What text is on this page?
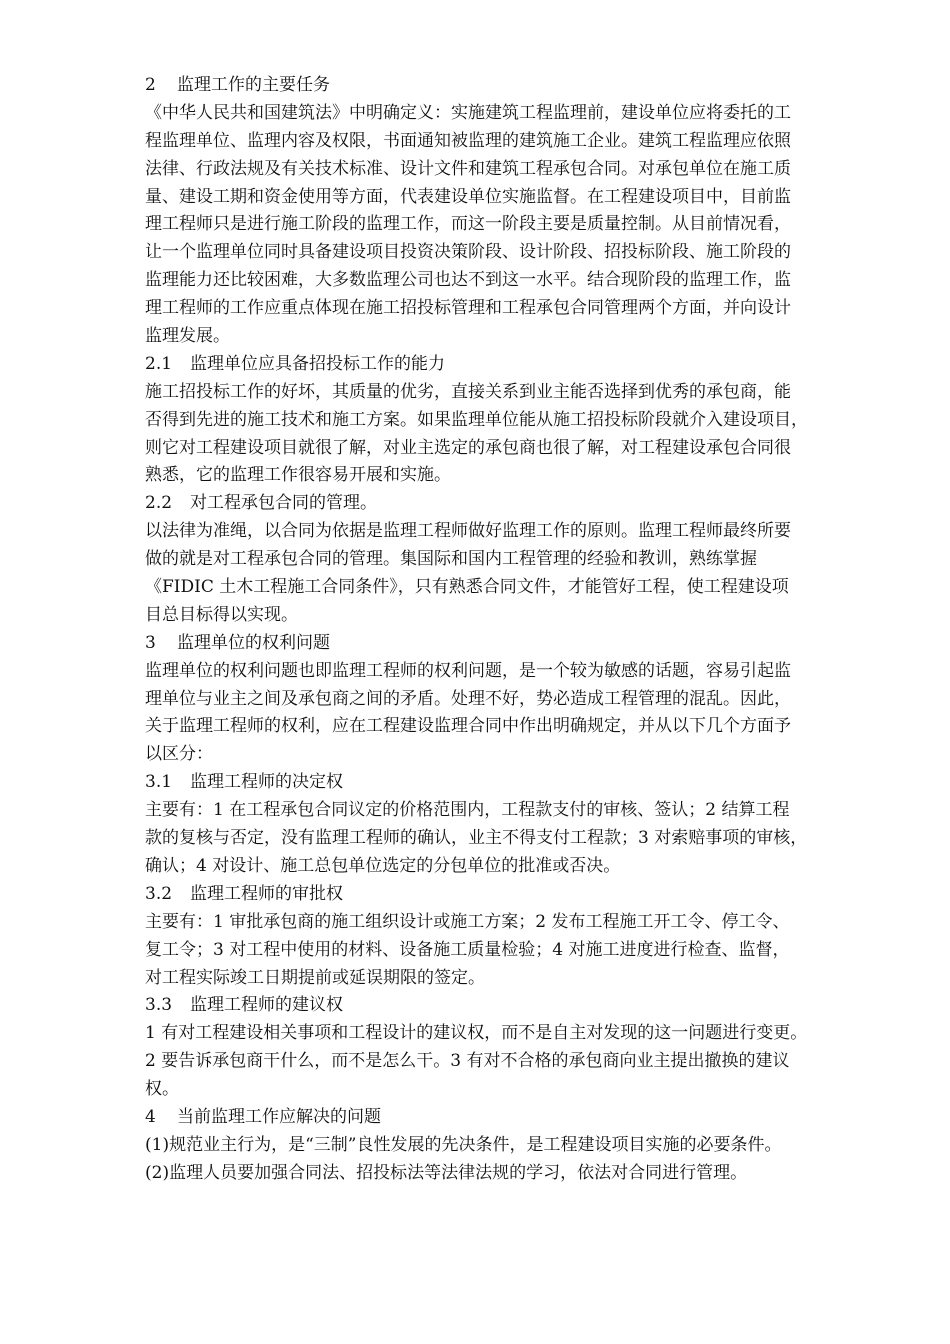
2 监理工作的主要任务
《中华人民共和国建筑法》中明确定义：实施建筑工程监理前，建设单位应将委托的工
程监理单位、监理内容及权限，书面通知被监理的建筑施工企业。建筑工程监理应依照
法律、行政法规及有关技术标准、设计文件和建筑工程承包合同。对承包单位在施工质
量、建设工期和资金使用等方面，代表建设单位实施监督。在工程建设项目中，目前监
理工程师只是进行施工阶段的监理工作，而这一阶段主要是质量控制。从目前情况看，
让一个监理单位同时具备建设项目投资决策阶段、设计阶段、招投标阶段、施工阶段的
监理能力还比较困难，大多数监理公司也达不到这一水平。结合现阶段的监理工作，监
理工程师的工作应重点体现在施工招投标管理和工程承包合同管理两个方面，并向设计
监理发展。
2.1 监理单位应具备招投标工作的能力
施工招投标工作的好坏，其质量的优劣，直接关系到业主能否选择到优秀的承包商，能
否得到先进的施工技术和施工方案。如果监理单位能从施工招投标阶段就介入建设项目，
则它对工程建设项目就很了解，对业主选定的承包商也很了解，对工程建设承包合同很
熟悉，它的监理工作很容易开展和实施。
2.2 对工程承包合同的管理。
以法律为准绳，以合同为依据是监理工程师做好监理工作的原则。监理工程师最终所要
做的就是对工程承包合同的管理。集国际和国内工程管理的经验和教训，熟练掌握
《FIDIC 土木工程施工合同条件》，只有熟悉合同文件，才能管好工程，使工程建设项
目总目标得以实现。
3 监理单位的权利问题
监理单位的权利问题也即监理工程师的权利问题，是一个较为敏感的话题，容易引起监
理单位与业主之间及承包商之间的矛盾。处理不好，势必造成工程管理的混乱。因此，
关于监理工程师的权利，应在工程建设监理合同中作出明确规定，并从以下几个方面予
以区分：
3.1 监理工程师的决定权
主要有：1 在工程承包合同议定的价格范围内，工程款支付的审核、签认；2 结算工程
款的复核与否定，没有监理工程师的确认，业主不得支付工程款；3 对索赔事项的审核，
确认；4 对设计、施工总包单位选定的分包单位的批准或否决。
3.2 监理工程师的审批权
主要有：1 审批承包商的施工组织设计或施工方案；2 发布工程施工开工令、停工令、
复工令；3 对工程中使用的材料、设备施工质量检验；4 对施工进度进行检查、监督，
对工程实际竣工日期提前或延误期限的签定。
3.3 监理工程师的建议权
1 有对工程建设相关事项和工程设计的建议权，而不是自主对发现的这一问题进行变更。
2 要告诉承包商干什么，而不是怎么干。3 有对不合格的承包商向业主提出撤换的建议
权。
4 当前监理工作应解决的问题
(1)规范业主行为，是“三制”良性发展的先决条件，是工程建设项目实施的必要条件。
(2)监理人员要加强合同法、招投标法等法律法规的学习，依法对合同进行管理。
